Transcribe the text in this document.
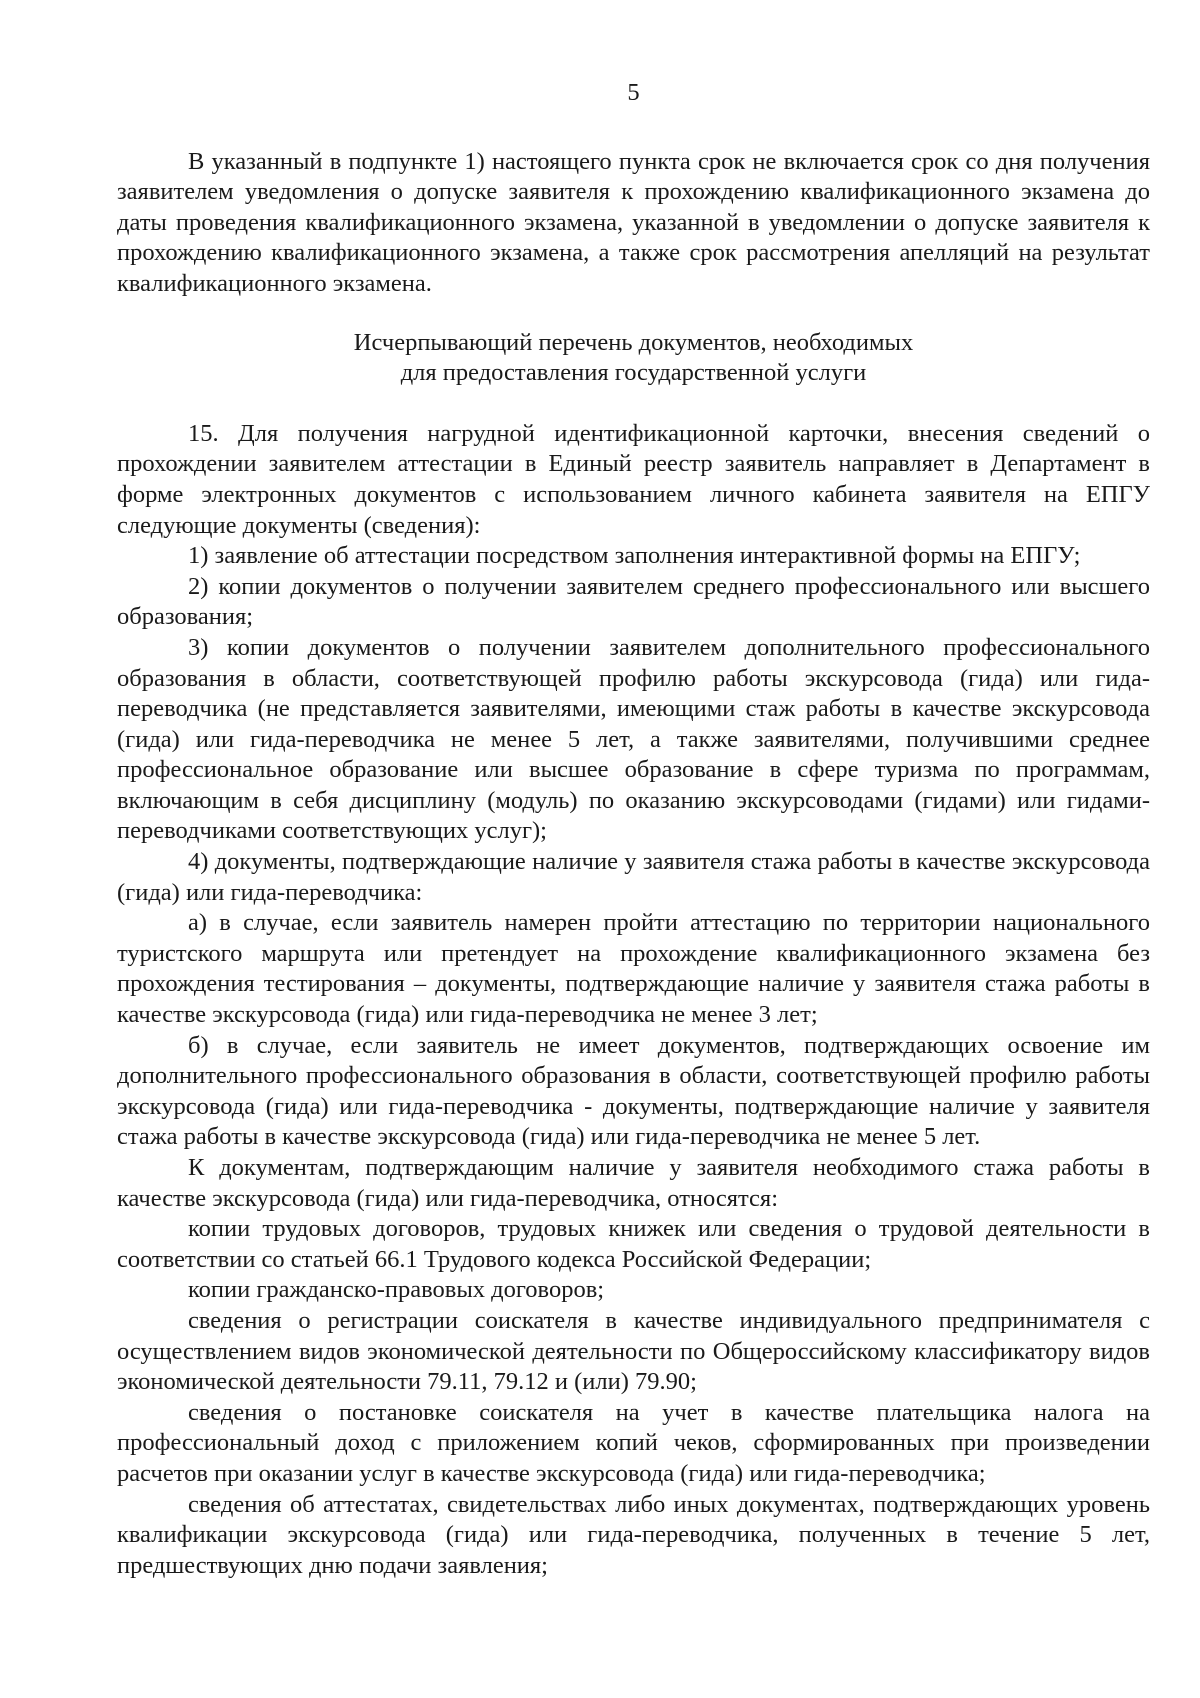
5

В указанный в подпункте 1) настоящего пункта срок не включается срок со дня получения заявителем уведомления о допуске заявителя к прохождению квалификационного экзамена до даты проведения квалификационного экзамена, указанной в уведомлении о допуске заявителя к прохождению квалификационного экзамена, а также срок рассмотрения апелляций на результат квалификационного экзамена.

Исчерпывающий перечень документов, необходимых
для предоставления государственной услуги

15. Для получения нагрудной идентификационной карточки, внесения сведений о прохождении заявителем аттестации в Единый реестр заявитель направляет в Департамент в форме электронных документов с использованием личного кабинета заявителя на ЕПГУ следующие документы (сведения):

1) заявление об аттестации посредством заполнения интерактивной формы на ЕПГУ;

2) копии документов о получении заявителем среднего профессионального или высшего образования;

3) копии документов о получении заявителем дополнительного профессионального образования в области, соответствующей профилю работы экскурсовода (гида) или гида-переводчика (не представляется заявителями, имеющими стаж работы в качестве экскурсовода (гида) или гида-переводчика не менее 5 лет, а также заявителями, получившими среднее профессиональное образование или высшее образование в сфере туризма по программам, включающим в себя дисциплину (модуль) по оказанию экскурсоводами (гидами) или гидами-переводчиками соответствующих услуг);

4) документы, подтверждающие наличие у заявителя стажа работы в качестве экскурсовода (гида) или гида-переводчика:

а) в случае, если заявитель намерен пройти аттестацию по территории национального туристского маршрута или претендует на прохождение квалификационного экзамена без прохождения тестирования – документы, подтверждающие наличие у заявителя стажа работы в качестве экскурсовода (гида) или гида-переводчика не менее 3 лет;

б) в случае, если заявитель не имеет документов, подтверждающих освоение им дополнительного профессионального образования в области, соответствующей профилю работы экскурсовода (гида) или гида-переводчика - документы, подтверждающие наличие у заявителя стажа работы в качестве экскурсовода (гида) или гида-переводчика не менее 5 лет.

К документам, подтверждающим наличие у заявителя необходимого стажа работы в качестве экскурсовода (гида) или гида-переводчика, относятся:

копии трудовых договоров, трудовых книжек или сведения о трудовой деятельности в соответствии со статьей 66.1 Трудового кодекса Российской Федерации;

копии гражданско-правовых договоров;

сведения о регистрации соискателя в качестве индивидуального предпринимателя с осуществлением видов экономической деятельности по Общероссийскому классификатору видов экономической деятельности 79.11, 79.12 и (или) 79.90;

сведения о постановке соискателя на учет в качестве плательщика налога на профессиональный доход с приложением копий чеков, сформированных при произведении расчетов при оказании услуг в качестве экскурсовода (гида) или гида-переводчика;

сведения об аттестатах, свидетельствах либо иных документах, подтверждающих уровень квалификации экскурсовода (гида) или гида-переводчика, полученных в течение 5 лет, предшествующих дню подачи заявления;
